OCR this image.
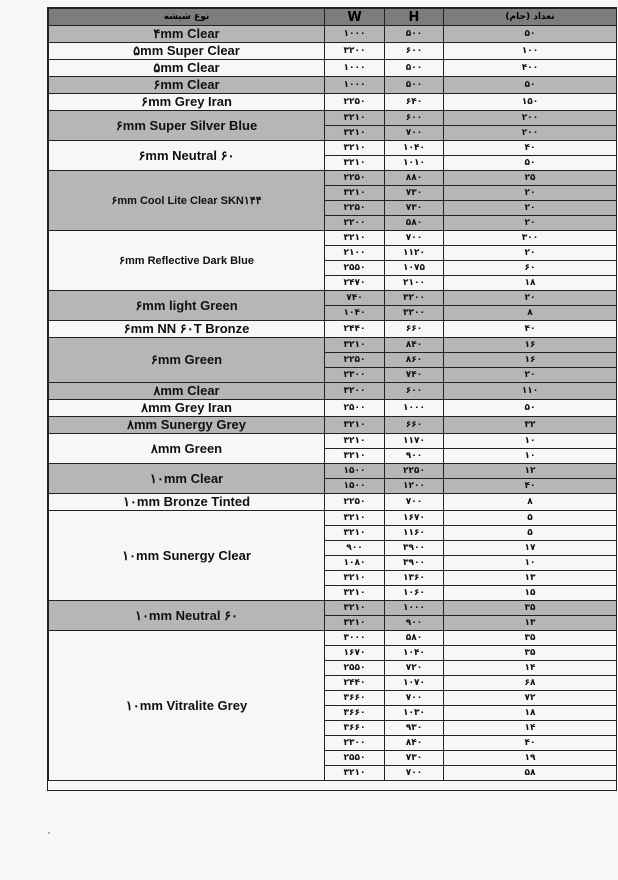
نوع شیشه	W	H	تعداد (جام)
۴mm Clear	۱۰۰۰	۵۰۰	۵۰
۵mm Super Clear	۳۲۰۰	۶۰۰	۱۰۰
۵mm Clear	۱۰۰۰	۵۰۰	۴۰۰
۶mm Clear	۱۰۰۰	۵۰۰	۵۰
۶mm Grey Iran	۲۲۵۰	۶۴۰	۱۵۰
۶mm Super Silver Blue	۳۲۱۰	۶۰۰	۲۰۰
	۳۲۱۰	۷۰۰	۲۰۰
۶mm Neutral ۶۰	۳۲۱۰	۱۰۴۰	۴۰
	۳۲۱۰	۱۰۱۰	۵۰
۶mm Cool Lite Clear SKN۱۴۴	۲۲۵۰	۸۸۰	۲۵
	۳۲۱۰	۷۳۰	۲۰
	۲۲۵۰	۷۳۰	۲۰
	۲۲۰۰	۵۸۰	۲۰
۶mm Reflective Dark Blue	۳۲۱۰	۷۰۰	۳۰۰
	۲۱۰۰	۱۱۲۰	۲۰
	۲۵۵۰	۱۰۷۵	۶۰
	۲۴۷۰	۲۱۰۰	۱۸
۶mm light Green	۷۴۰	۳۲۰۰	۲۰
	۱۰۴۰	۳۲۰۰	۸
۶mm NN ۶۰T Bronze	۲۴۴۰	۶۶۰	۴۰
۶mm Green	۳۲۱۰	۸۴۰	۱۶
	۲۲۵۰	۸۶۰	۱۶
	۲۳۰۰	۷۴۰	۲۰
۸mm Clear	۳۲۰۰	۶۰۰	۱۱۰
۸mm Grey Iran	۲۵۰۰	۱۰۰۰	۵۰
۸mm Sunergy Grey	۳۲۱۰	۶۶۰	۳۲
۸mm Green	۳۲۱۰	۱۱۷۰	۱۰
	۳۲۱۰	۹۰۰	۱۰
۱۰mm Clear	۱۵۰۰	۲۲۵۰	۱۲
	۱۵۰۰	۱۲۰۰	۴۰
۱۰mm Bronze Tinted	۲۲۵۰	۷۰۰	۸
۱۰mm Sunergy Clear	۳۲۱۰	۱۶۷۰	۵
	۳۲۱۰	۱۱۶۰	۵
	۹۰۰	۳۹۰۰	۱۷
	۱۰۸۰	۳۹۰۰	۱۰
	۳۲۱۰	۱۳۶۰	۱۳
	۳۲۱۰	۱۰۶۰	۱۵
۱۰mm Neutral ۶۰	۳۲۱۰	۱۰۰۰	۳۵
	۳۲۱۰	۹۰۰	۱۳
۱۰mm Vitralite Grey	۳۰۰۰	۵۸۰	۳۵
	۱۶۷۰	۱۰۴۰	۳۵
	۲۵۵۰	۷۲۰	۱۴
	۲۴۴۰	۱۰۷۰	۶۸
	۳۶۶۰	۷۰۰	۷۲
	۳۶۶۰	۱۰۳۰	۱۸
	۳۶۶۰	۹۳۰	۱۴
	۲۳۰۰	۸۴۰	۴۰
	۲۵۵۰	۷۳۰	۱۹
	۳۲۱۰	۷۰۰	۵۸
